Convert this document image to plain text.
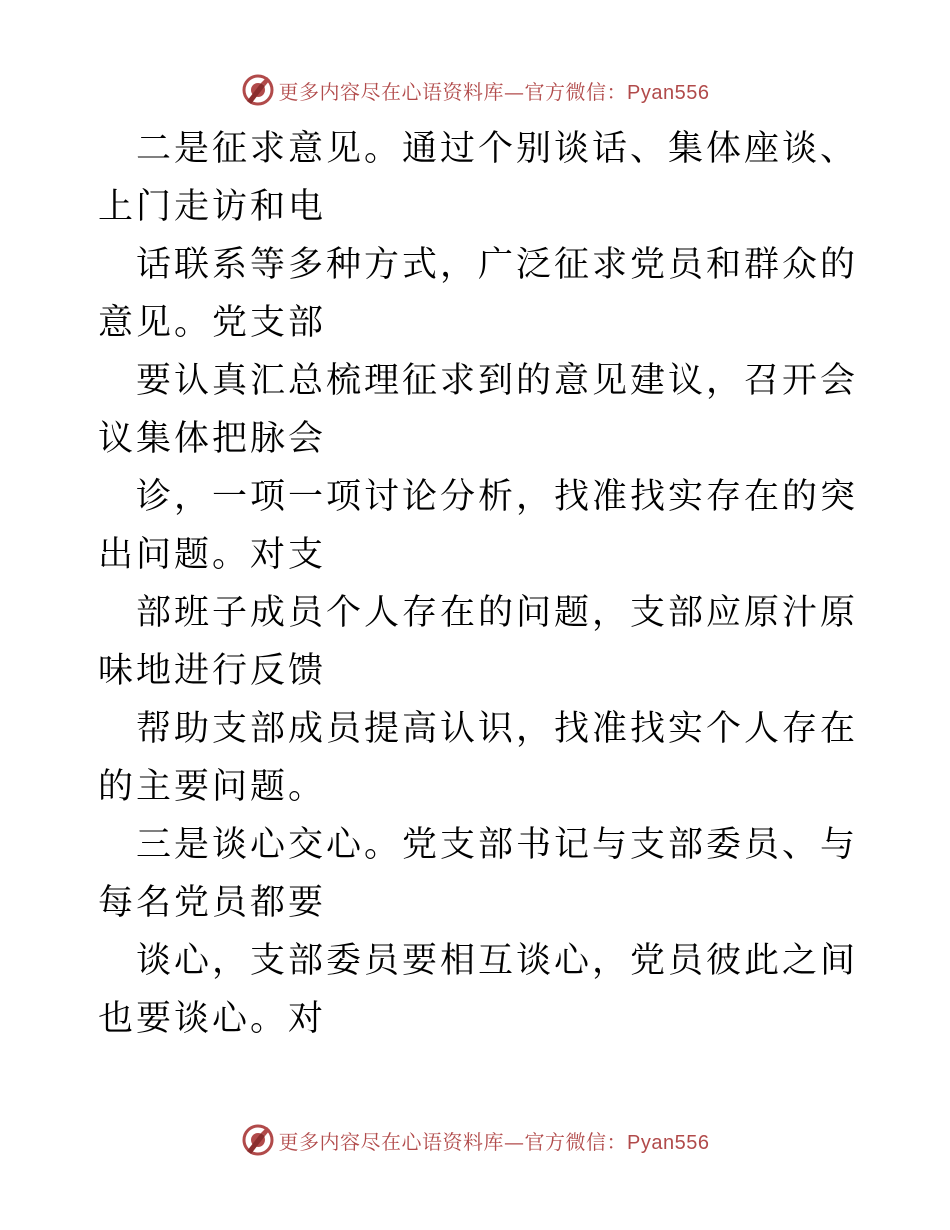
更多内容尽在心语资料库—官方微信：Pyan556

二是征求意见。通过个别谈话、集体座谈、上门走访和电

话联系等多种方式，广泛征求党员和群众的意见。党支部

要认真汇总梳理征求到的意见建议，召开会议集体把脉会

诊，一项一项讨论分析，找准找实存在的突出问题。对支

部班子成员个人存在的问题，支部应原汁原味地进行反馈

帮助支部成员提高认识，找准找实个人存在的主要问题。

三是谈心交心。党支部书记与支部委员、与每名党员都要

谈心，支部委员要相互谈心，党员彼此之间也要谈心。对

更多内容尽在心语资料库—官方微信：Pyan556
